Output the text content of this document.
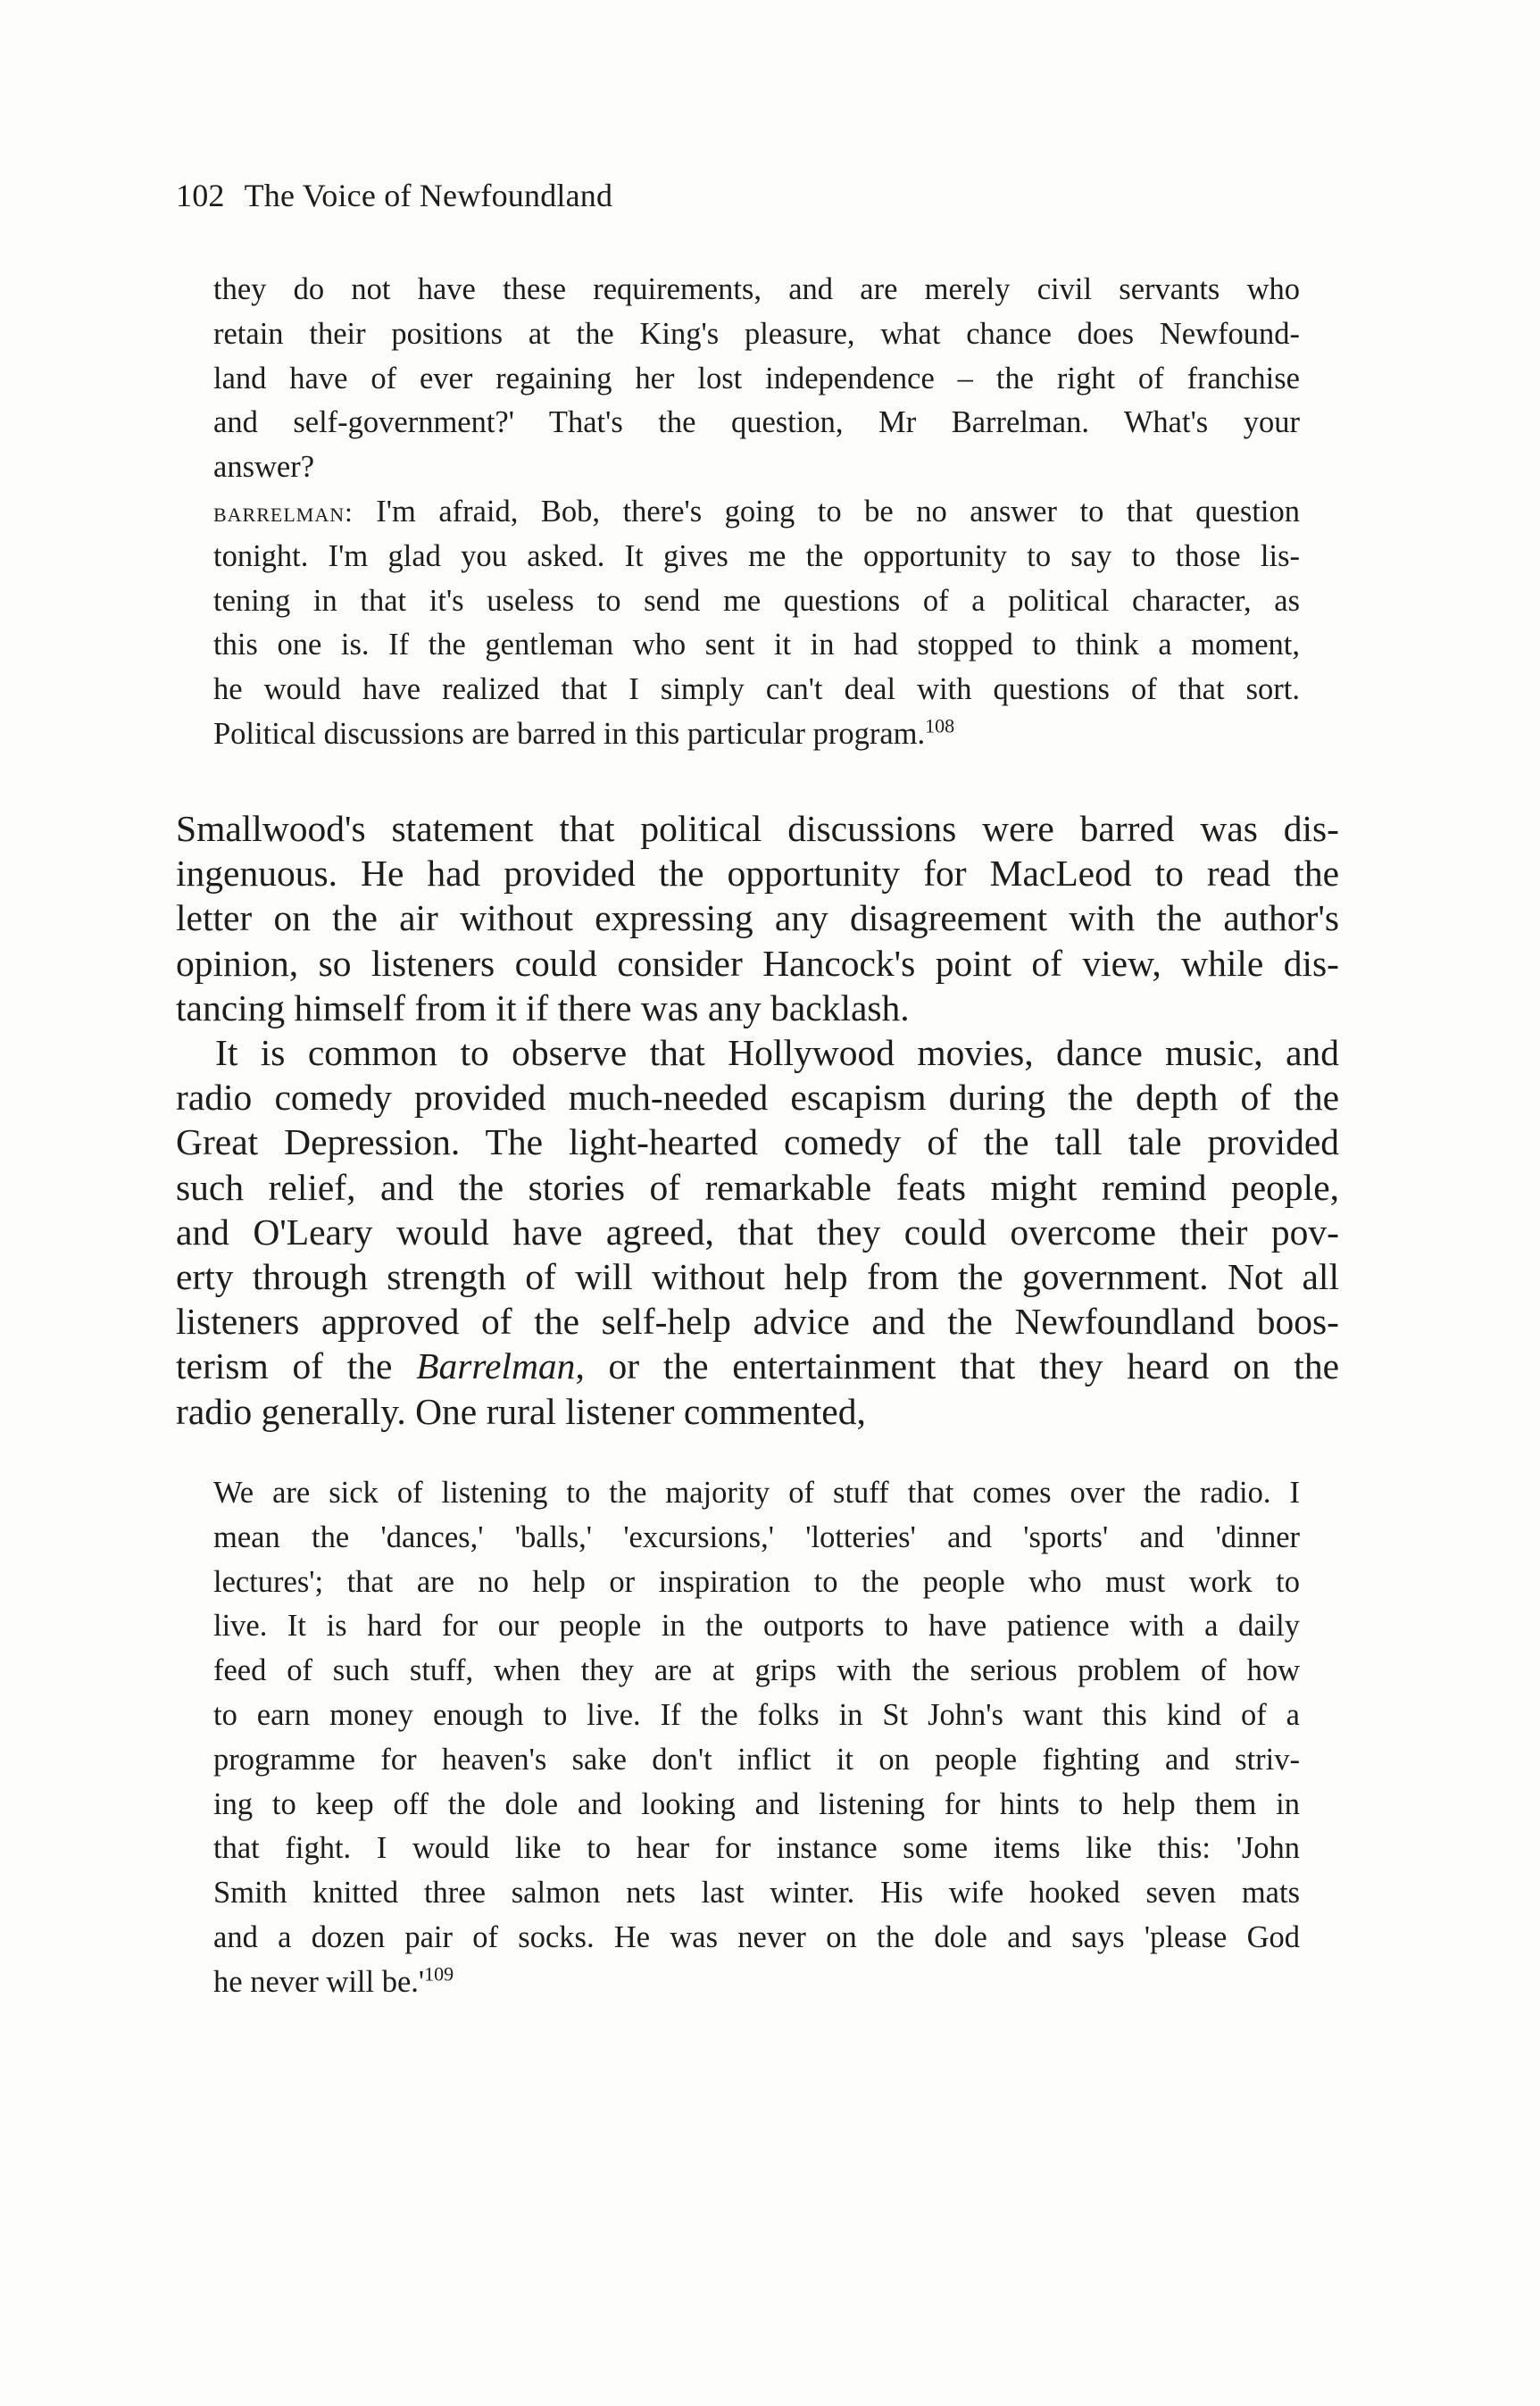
102 The Voice of Newfoundland
they do not have these requirements, and are merely civil servants who
retain their positions at the King's pleasure, what chance does Newfound-
land have of ever regaining her lost independence – the right of franchise
and self-government?' That's the question, Mr Barrelman. What's your
answer?
barrelman: I'm afraid, Bob, there's going to be no answer to that question
tonight. I'm glad you asked. It gives me the opportunity to say to those lis-
tening in that it's useless to send me questions of a political character, as
this one is. If the gentleman who sent it in had stopped to think a moment,
he would have realized that I simply can't deal with questions of that sort.
Political discussions are barred in this particular program.$^{108}$
Smallwood's statement that political discussions were barred was dis-
ingenuous. He had provided the opportunity for MacLeod to read the
letter on the air without expressing any disagreement with the author's
opinion, so listeners could consider Hancock's point of view, while dis-
tancing himself from it if there was any backlash.
It is common to observe that Hollywood movies, dance music, and
radio comedy provided much-needed escapism during the depth of the
Great Depression. The light-hearted comedy of the tall tale provided
such relief, and the stories of remarkable feats might remind people,
and O'Leary would have agreed, that they could overcome their pov-
erty through strength of will without help from the government. Not all
listeners approved of the self-help advice and the Newfoundland boos-
terism of the Barrelman, or the entertainment that they heard on the
radio generally. One rural listener commented,
We are sick of listening to the majority of stuff that comes over the radio. I
mean the 'dances,' 'balls,' 'excursions,' 'lotteries' and 'sports' and 'dinner
lectures'; that are no help or inspiration to the people who must work to
live. It is hard for our people in the outports to have patience with a daily
feed of such stuff, when they are at grips with the serious problem of how
to earn money enough to live. If the folks in St John's want this kind of a
programme for heaven's sake don't inflict it on people fighting and striv-
ing to keep off the dole and looking and listening for hints to help them in
that fight. I would like to hear for instance some items like this: 'John
Smith knitted three salmon nets last winter. His wife hooked seven mats
and a dozen pair of socks. He was never on the dole and says 'please God
he never will $be.'^{109}$
